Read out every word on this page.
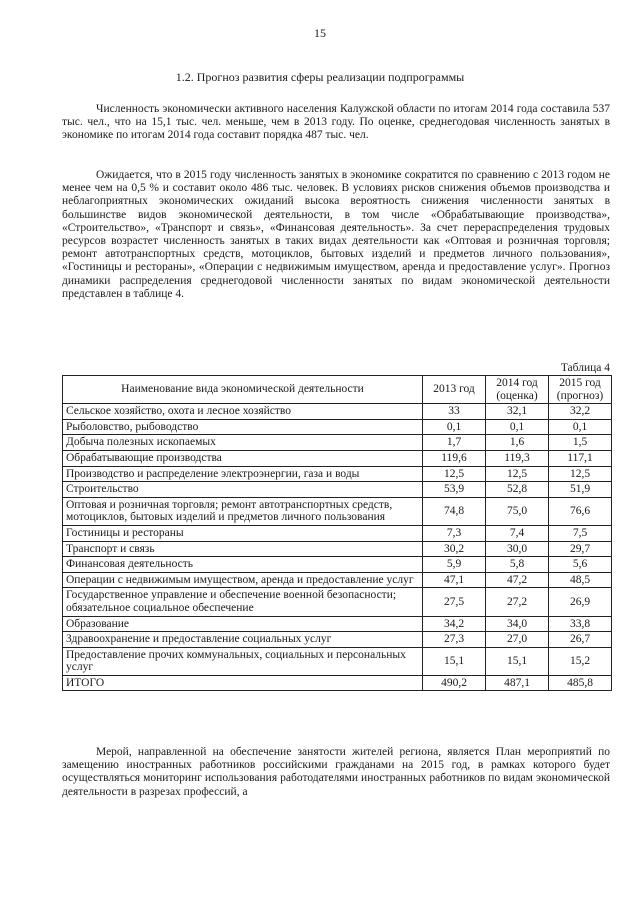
15
1.2. Прогноз развития сферы реализации подпрограммы

Численность экономически активного населения Калужской области по итогам 2014 года составила 537 тыс. чел., что на 15,1 тыс. чел. меньше, чем в 2013 году. По оценке, среднегодовая численность занятых в экономике по итогам 2014 года составит порядка 487 тыс. чел.

Ожидается, что в 2015 году численность занятых в экономике сократится по сравнению с 2013 годом не менее чем на 0,5 % и составит около 486 тыс. человек. В условиях рисков снижения объемов производства и неблагоприятных экономических ожиданий высока вероятность снижения численности занятых в большинстве видов экономической деятельности, в том числе «Обрабатывающие производства», «Строительство», «Транспорт и связь», «Финансовая деятельность». За счет перераспределения трудовых ресурсов возрастет численность занятых в таких видах деятельности как «Оптовая и розничная торговля; ремонт автотранспортных средств, мотоциклов, бытовых изделий и предметов личного пользования», «Гостиницы и рестораны», «Операции с недвижимым имуществом, аренда и предоставление услуг». Прогноз динамики распределения среднегодовой численности занятых по видам экономической деятельности представлен в таблице 4.

Таблица 4
Наименование вида экономической деятельности	2013 год	2014 год (оценка)	2015 год (прогноз)
Сельское хозяйство, охота и лесное хозяйство	33	32,1	32,2
Рыболовство, рыбоводство	0,1	0,1	0,1
Добыча полезных ископаемых	1,7	1,6	1,5
Обрабатывающие производства	119,6	119,3	117,1
Производство и распределение электроэнергии, газа и воды	12,5	12,5	12,5
Строительство	53,9	52,8	51,9
Оптовая и розничная торговля; ремонт автотранспортных средств, мотоциклов, бытовых изделий и предметов личного пользования	74,8	75,0	76,6
Гостиницы и рестораны	7,3	7,4	7,5
Транспорт и связь	30,2	30,0	29,7
Финансовая деятельность	5,9	5,8	5,6
Операции с недвижимым имуществом, аренда и предоставление услуг	47,1	47,2	48,5
Государственное управление и обеспечение военной безопасности; обязательное социальное обеспечение	27,5	27,2	26,9
Образование	34,2	34,0	33,8
Здравоохранение и предоставление социальных услуг	27,3	27,0	26,7
Предоставление прочих коммунальных, социальных и персональных услуг	15,1	15,1	15,2
ИТОГО	490,2	487,1	485,8

Мерой, направленной на обеспечение занятости жителей региона, является План мероприятий по замещению иностранных работников российскими гражданами на 2015 год, в рамках которого будет осуществляться мониторинг использования работодателями иностранных работников по видам экономической деятельности в разрезах профессий, а
